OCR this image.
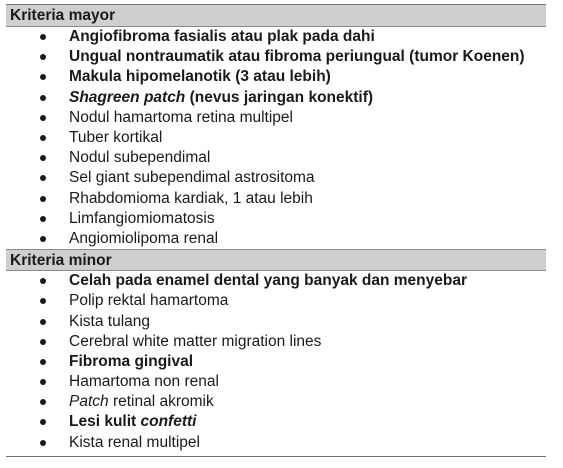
Kriteria mayor
Angiofibroma fasialis atau plak pada dahi
Ungual nontraumatik atau fibroma periungual (tumor Koenen)
Makula hipomelanotik (3 atau lebih)
Shagreen patch (nevus jaringan konektif)
Nodul hamartoma retina multipel
Tuber kortikal
Nodul subependimal
Sel giant subependimal astrositoma
Rhabdomioma kardiak, 1 atau lebih
Limfangiomiomatosis
Angiomiolipoma renal
Kriteria minor
Celah pada enamel dental yang banyak dan menyebar
Polip rektal hamartoma
Kista tulang
Cerebral white matter migration lines
Fibroma gingival
Hamartoma non renal
Patch retinal akromik
Lesi kulit confetti
Kista renal multipel
